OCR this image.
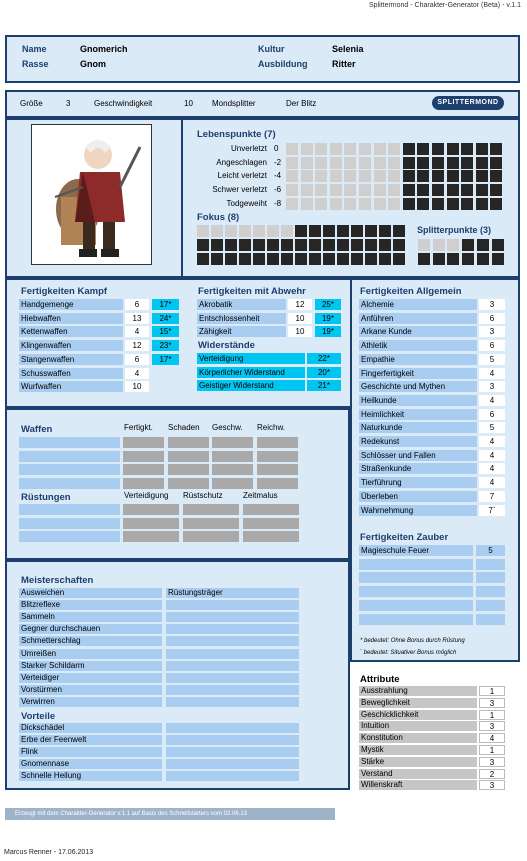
Splittermond - Charakter-Generator (Beta) - v.1.1
Name	Gnomerich
Rasse	Gnom
Kultur	Selenia
Ausbildung	Ritter
Größe	3	Geschwindigkeit	10 Mondsplitter	Der Blitz	SPLITTERMOND
Lebenspunkte (7)
Fokus (8)
Splitterpunkte (3)
Fertigkeiten Kampf	Fertigkeiten mit Abwehr
Widerstände
Fertigkeiten Allgemein
Fertigkeiten Zauber
* bedeutet: Ohne Bonus durch Rüstung
` bedeutet: Situativer Bonus möglich
Waffen	Fertigkt. Schaden Geschw. Reichw.
Rüstungen	Verteidigung Rüstschutz	Zeitmalus
Meisterschaften
Vorteile
Attribute
Erzeugt mit dem Charakter-Generator v.1.1 auf Basis des Schnellstarters vom 02.06.13
Marcus Renner - 17.06.2013
Unverletzt 0
Angeschlagen -2
Leicht verletzt -4
Schwer verletzt -6
Todgeweiht -8
Handgemenge	6	17*
Hiebwaffen	13	24*
Kettenwaffen	4	15*
Klingenwaffen	12	23*
Stangenwaffen	6	17*
Schusswaffen	4
Wurfwaffen	10
Akrobatik	12	25*
Entschlossenheit	10	19*
Zähigkeit	10	19*
Verteidigung	22*
Körperlicher Widerstand	20*
Geistiger Widerstand	21*
Alchemie	3
Anführen	6
Arkane Kunde	3
Athletik	6
Empathie	5
Fingerfertigkeit	4
Geschichte und Mythen	3
Heilkunde	4
Heimlichkeit	6
Naturkunde	5
Redekunst	4
Schlösser und Fallen	4
Straßenkunde	4
Tierführung	4
Überleben	7
Wahrnehmung	7`
Magieschule Feuer	5
Ausweichen	Rüstungsträger
Blitzreflexe
Sammeln
Gegner durchschauen
Schmetterschlag
Umreißen
Starker Schildarm
Verteidiger
Vorstürmen
Verwirren
Dickschädel
Erbe der Feenwelt
Flink
Gnomennase
Schnelle Heilung
Ausstrahlung	1
Beweglichkeit	3
Geschicklichkeit	1
Intuition	3
Konstitution	4
Mystik	1
Stärke	3
Verstand	2
Willenskraft	3
